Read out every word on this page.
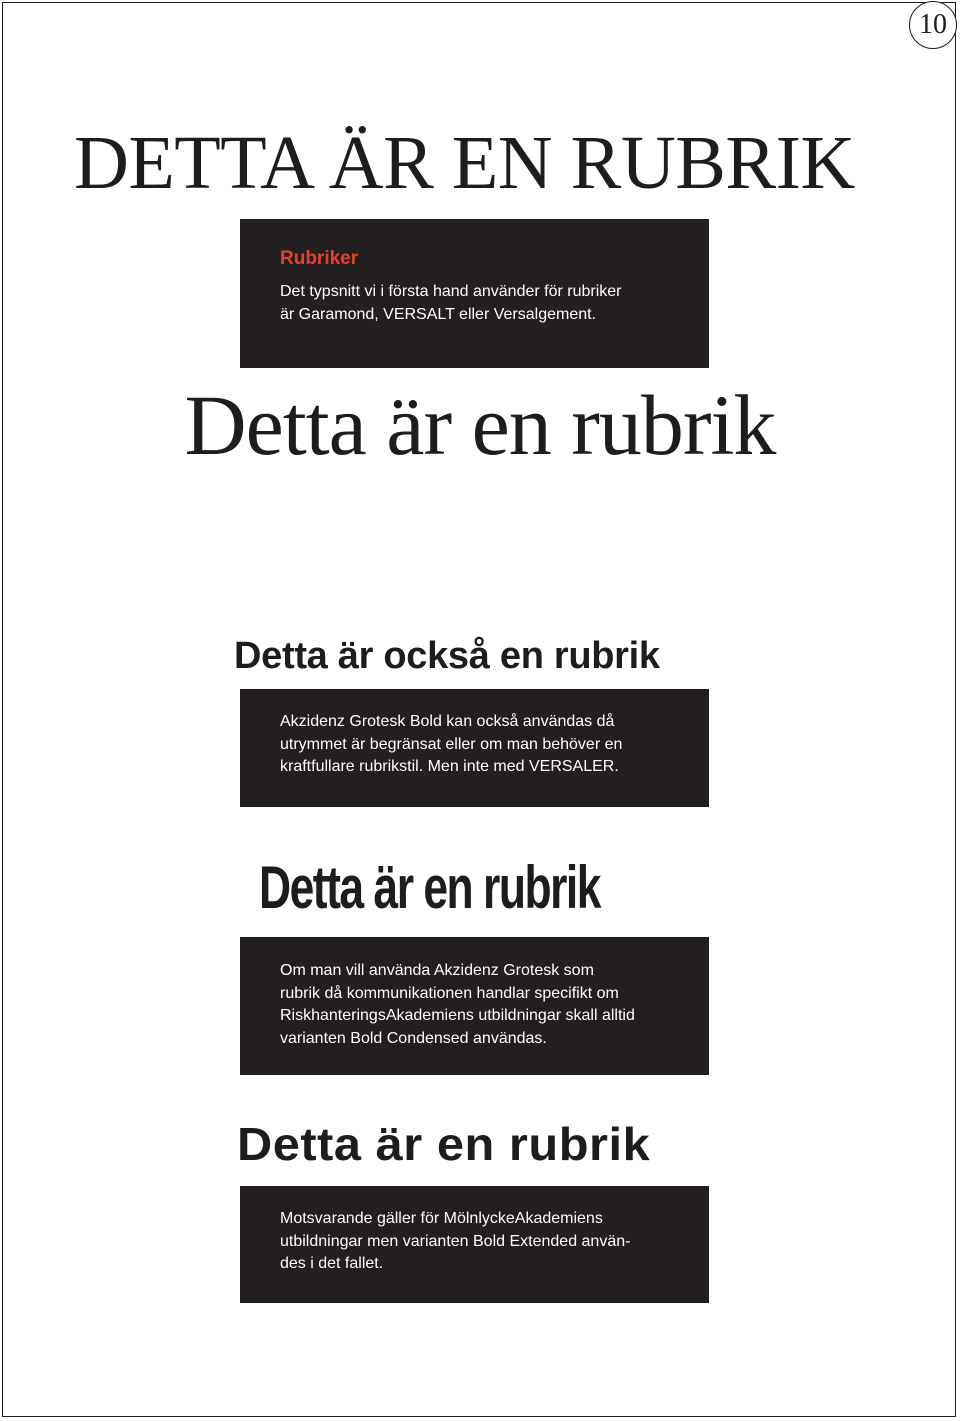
10
DETTA ÄR EN RUBRIK
Rubriker
Det typsnitt vi i första hand använder för rubriker
är Garamond, VERSALT eller Versalgement.
Detta är en rubrik
Detta är också en rubrik
Akzidenz Grotesk Bold kan också användas då
utrymmet är begränsat eller om man behöver en
kraftfullare rubrikstil. Men inte med VERSALER.
Detta är en rubrik
Om man vill använda Akzidenz Grotesk som
rubrik då kommunikationen handlar specifikt om
RiskhanteringsAkademiens utbildningar skall alltid
varianten Bold Condensed användas.
Detta är en rubrik
Motsvarande gäller för MölnlyckeAkademiens
utbildningar men varianten Bold Extended använ-
des i det fallet.
